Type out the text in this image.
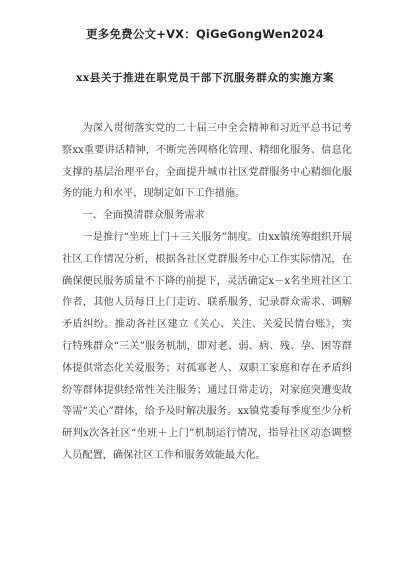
更多免费公文+VX：QiGeGongWen2024
xx县关于推进在职党员干部下沉服务群众的实施方案

为深入贯彻落实党的二十届三中全会精神和习近平总书记考察xx重要讲话精神，不断完善网格化管理、精细化服务、信息化支撑的基层治理平台，全面提升城市社区党群服务中心精细化服务的能力和水平，现制定如下工作措施。

一、全面摸清群众服务需求

一是推行“坐班上门＋三关服务”制度。由xx镇统筹组织开展社区工作情况分析，根据各社区党群服务中心工作实际情况，在确保便民服务质量不下降的前提下，灵活确定x－x名坐班社区工作者，其他人员每日上门走访、联系服务，记录群众需求、调解矛盾纠纷。推动各社区建立《关心、关注、关爱民情台账》，实行特殊群众“三关”服务机制，即对老、弱、病、残、孕、困等群体提供常态化关爱服务；对孤寡老人、双职工家庭和存在矛盾纠纷等群体提供经常性关注服务；通过日常走访，对家庭突遭变故等需“关心”群体，给予及时解决服务。xx镇党委每季度至少分析研判x次各社区“坐班＋上门”机制运行情况，指导社区动态调整人员配置，确保社区工作和服务效能最大化。
